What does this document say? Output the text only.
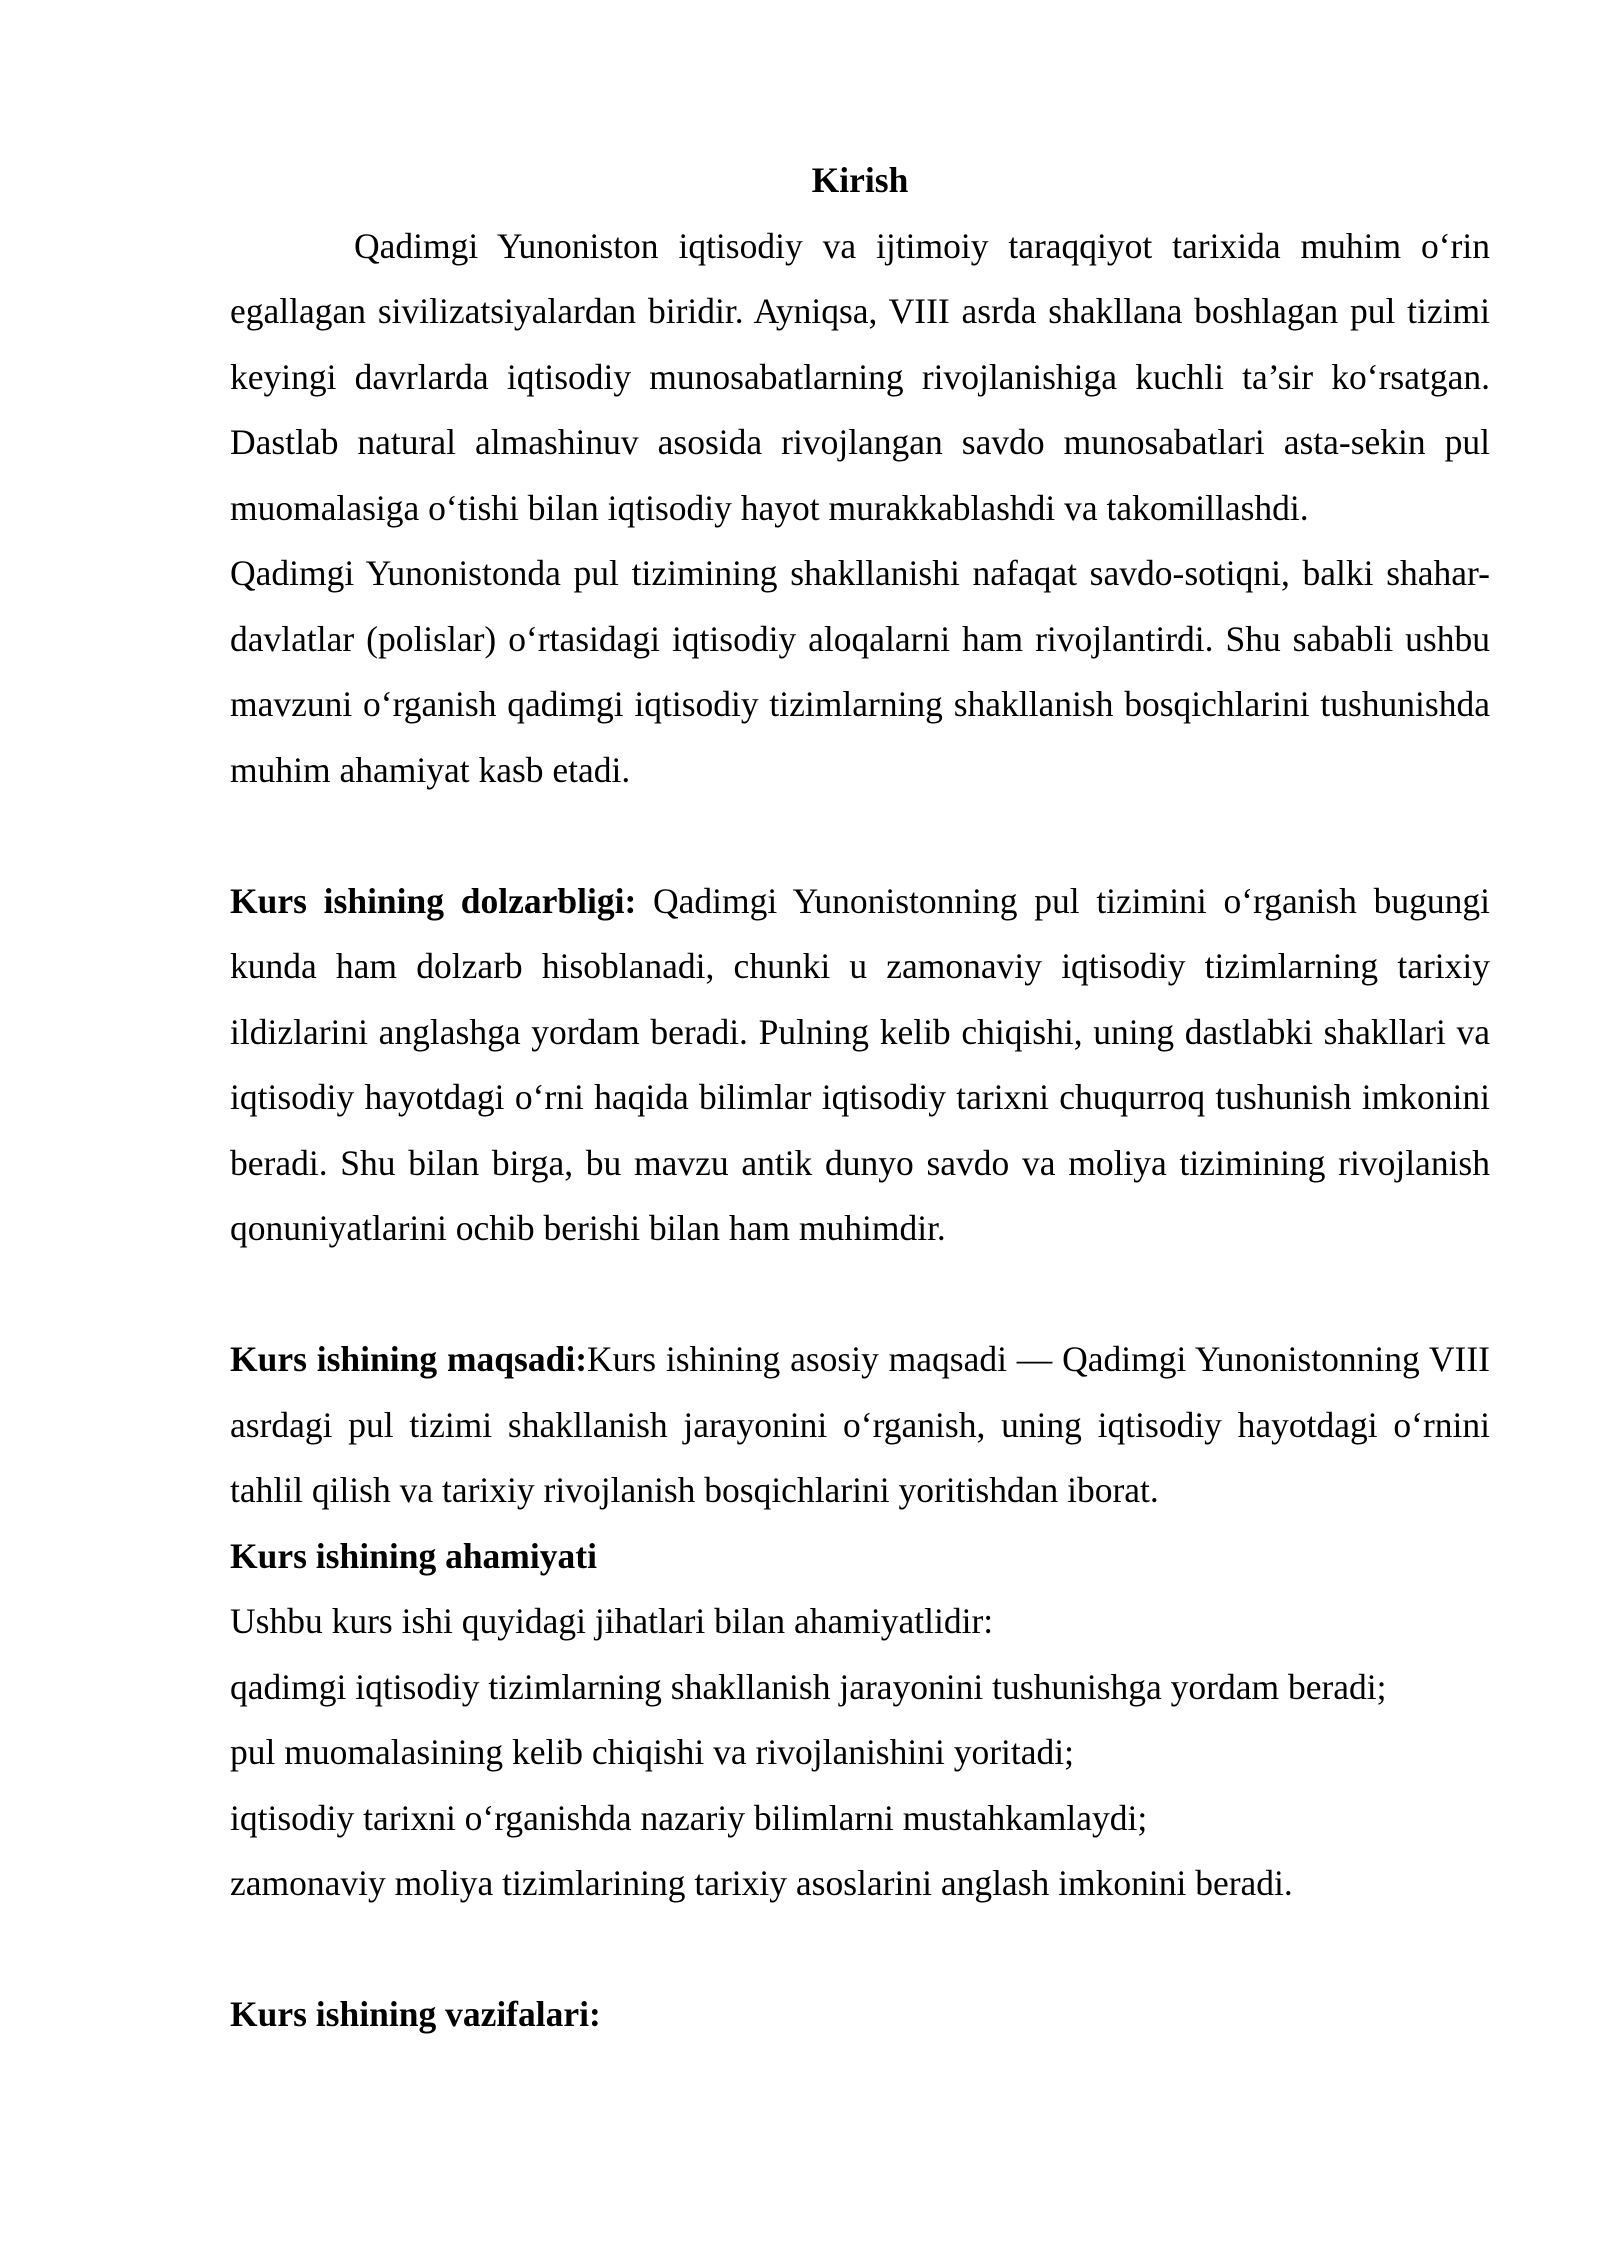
Kirish

Qadimgi Yunoniston iqtisodiy va ijtimoiy taraqqiyot tarixida muhim o‘rin egallagan sivilizatsiyalardan biridir. Ayniqsa, VIII asrda shakllana boshlagan pul tizimi keyingi davrlarda iqtisodiy munosabatlarning rivojlanishiga kuchli ta’sir ko‘rsatgan. Dastlab natural almashinuv asosida rivojlangan savdo munosabatlari asta-sekin pul muomalasiga o‘tishi bilan iqtisodiy hayot murakkablashdi va takomillashdi.

Qadimgi Yunonistonda pul tizimining shakllanishi nafaqat savdo-sotiqni, balki shahar-davlatlar (polislar) o‘rtasidagi iqtisodiy aloqalarni ham rivojlantirdi. Shu sababli ushbu mavzuni o‘rganish qadimgi iqtisodiy tizimlarning shakllanish bosqichlarini tushunishda muhim ahamiyat kasb etadi.

Kurs ishining dolzarbligi: Qadimgi Yunonistonning pul tizimini o‘rganish bugungi kunda ham dolzarb hisoblanadi, chunki u zamonaviy iqtisodiy tizimlarning tarixiy ildizlarini anglashga yordam beradi. Pulning kelib chiqishi, uning dastlabki shakllari va iqtisodiy hayotdagi o‘rni haqida bilimlar iqtisodiy tarixni chuqurroq tushunish imkonini beradi. Shu bilan birga, bu mavzu antik dunyo savdo va moliya tizimining rivojlanish qonuniyatlarini ochib berishi bilan ham muhimdir.

Kurs ishining maqsadi:Kurs ishining asosiy maqsadi — Qadimgi Yunonistonning VIII asrdagi pul tizimi shakllanish jarayonini o‘rganish, uning iqtisodiy hayotdagi o‘rnini tahlil qilish va tarixiy rivojlanish bosqichlarini yoritishdan iborat.

Kurs ishining ahamiyati

Ushbu kurs ishi quyidagi jihatlari bilan ahamiyatlidir:

qadimgi iqtisodiy tizimlarning shakllanish jarayonini tushunishga yordam beradi;

pul muomalasining kelib chiqishi va rivojlanishini yoritadi;

iqtisodiy tarixni o‘rganishda nazariy bilimlarni mustahkamlaydi;

zamonaviy moliya tizimlarining tarixiy asoslarini anglash imkonini beradi.

Kurs ishining vazifalari:
